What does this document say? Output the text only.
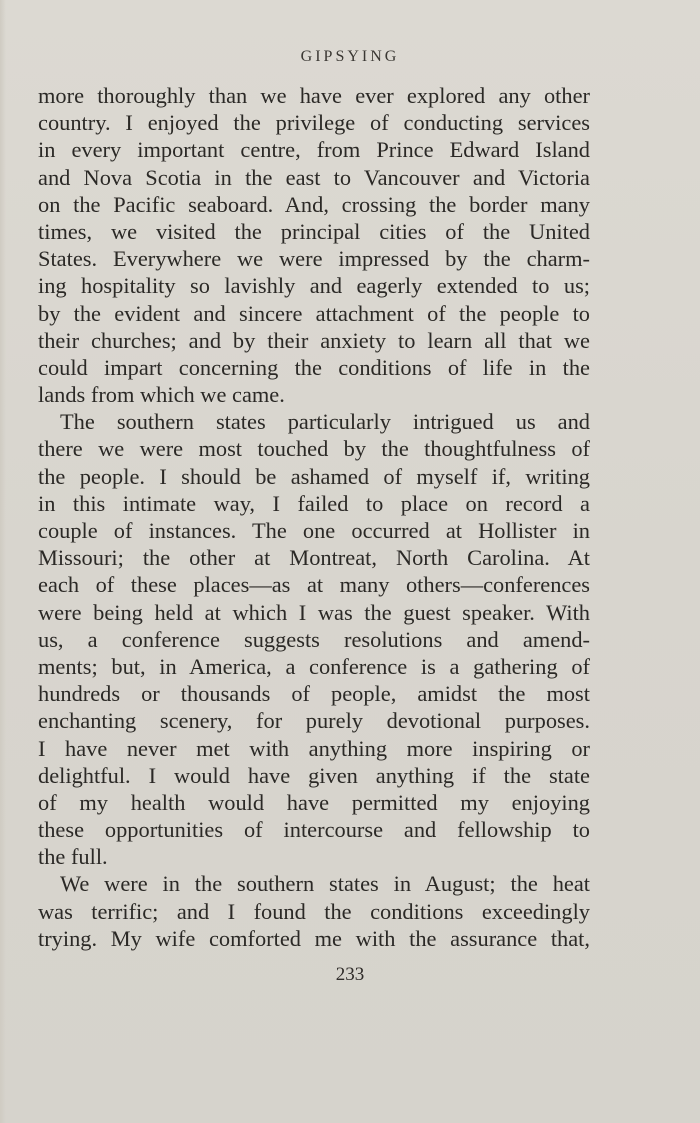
GIPSYING
more thoroughly than we have ever explored any other
country. I enjoyed the privilege of conducting services
in every important centre, from Prince Edward Island
and Nova Scotia in the east to Vancouver and Victoria
on the Pacific seaboard. And, crossing the border many
times, we visited the principal cities of the United
States. Everywhere we were impressed by the charm-
ing hospitality so lavishly and eagerly extended to us;
by the evident and sincere attachment of the people to
their churches; and by their anxiety to learn all that we
could impart concerning the conditions of life in the
lands from which we came.
The southern states particularly intrigued us and
there we were most touched by the thoughtfulness of
the people. I should be ashamed of myself if, writing
in this intimate way, I failed to place on record a
couple of instances. The one occurred at Hollister in
Missouri; the other at Montreat, North Carolina. At
each of these places—as at many others—conferences
were being held at which I was the guest speaker. With
us, a conference suggests resolutions and amend-
ments; but, in America, a conference is a gathering of
hundreds or thousands of people, amidst the most
enchanting scenery, for purely devotional purposes.
I have never met with anything more inspiring or
delightful. I would have given anything if the state
of my health would have permitted my enjoying
these opportunities of intercourse and fellowship to
the full.
We were in the southern states in August; the heat
was terrific; and I found the conditions exceedingly
trying. My wife comforted me with the assurance that,
233
